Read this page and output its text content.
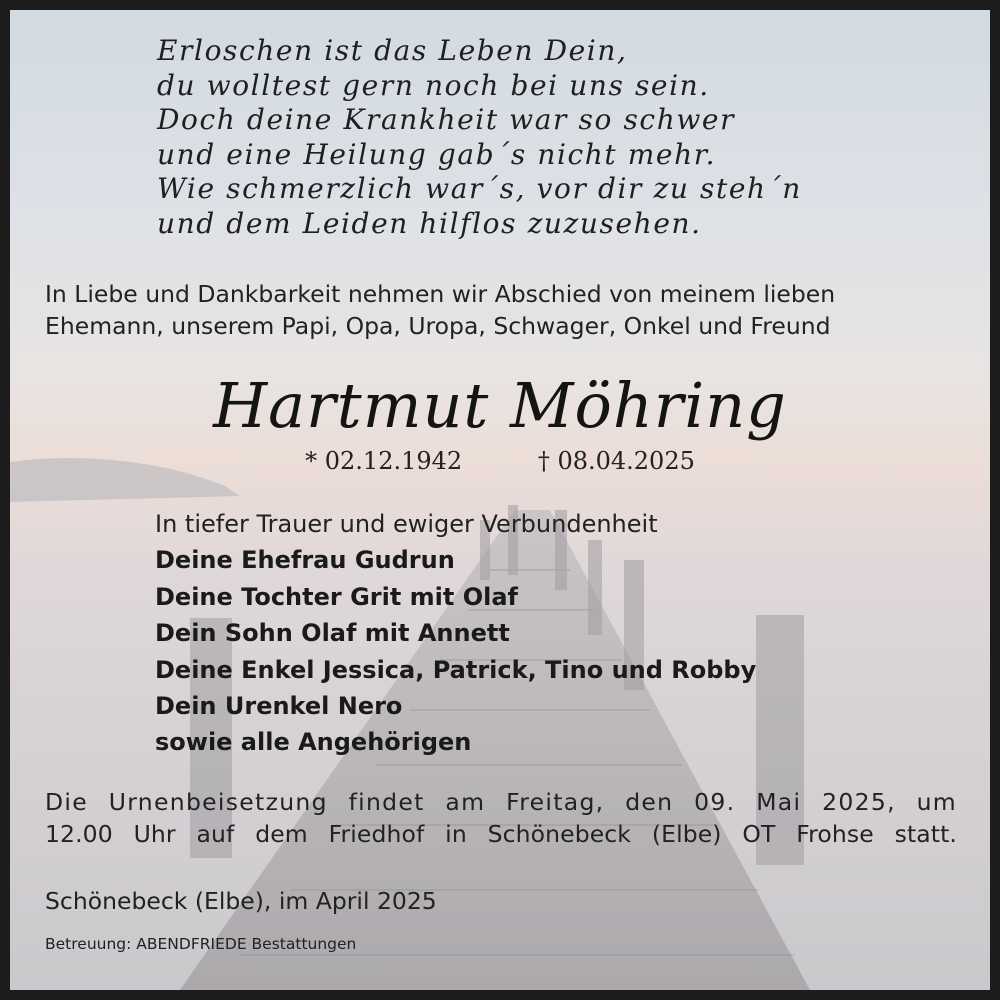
Erloschen ist das Leben Dein,
du wolltest gern noch bei uns sein.
Doch deine Krankheit war so schwer
und eine Heilung gab´s nicht mehr.
Wie schmerzlich war´s, vor dir zu steh´n
und dem Leiden hilflos zuzusehen.
In Liebe und Dankbarkeit nehmen wir Abschied von meinem lieben
Ehemann, unserem Papi, Opa, Uropa, Schwager, Onkel und Freund
Hartmut Möhring
* 02.12.1942	† 08.04.2025
In tiefer Trauer und ewiger Verbundenheit
Deine Ehefrau Gudrun
Deine Tochter Grit mit Olaf
Dein Sohn Olaf mit Annett
Deine Enkel Jessica, Patrick, Tino und Robby
Dein Urenkel Nero
sowie alle Angehörigen
Die Urnenbeisetzung findet am Freitag, den 09. Mai 2025, um
12.00 Uhr auf dem Friedhof in Schönebeck (Elbe) OT Frohse statt.
Schönebeck (Elbe), im April 2025
Betreuung: ABENDFRIEDE Bestattungen
